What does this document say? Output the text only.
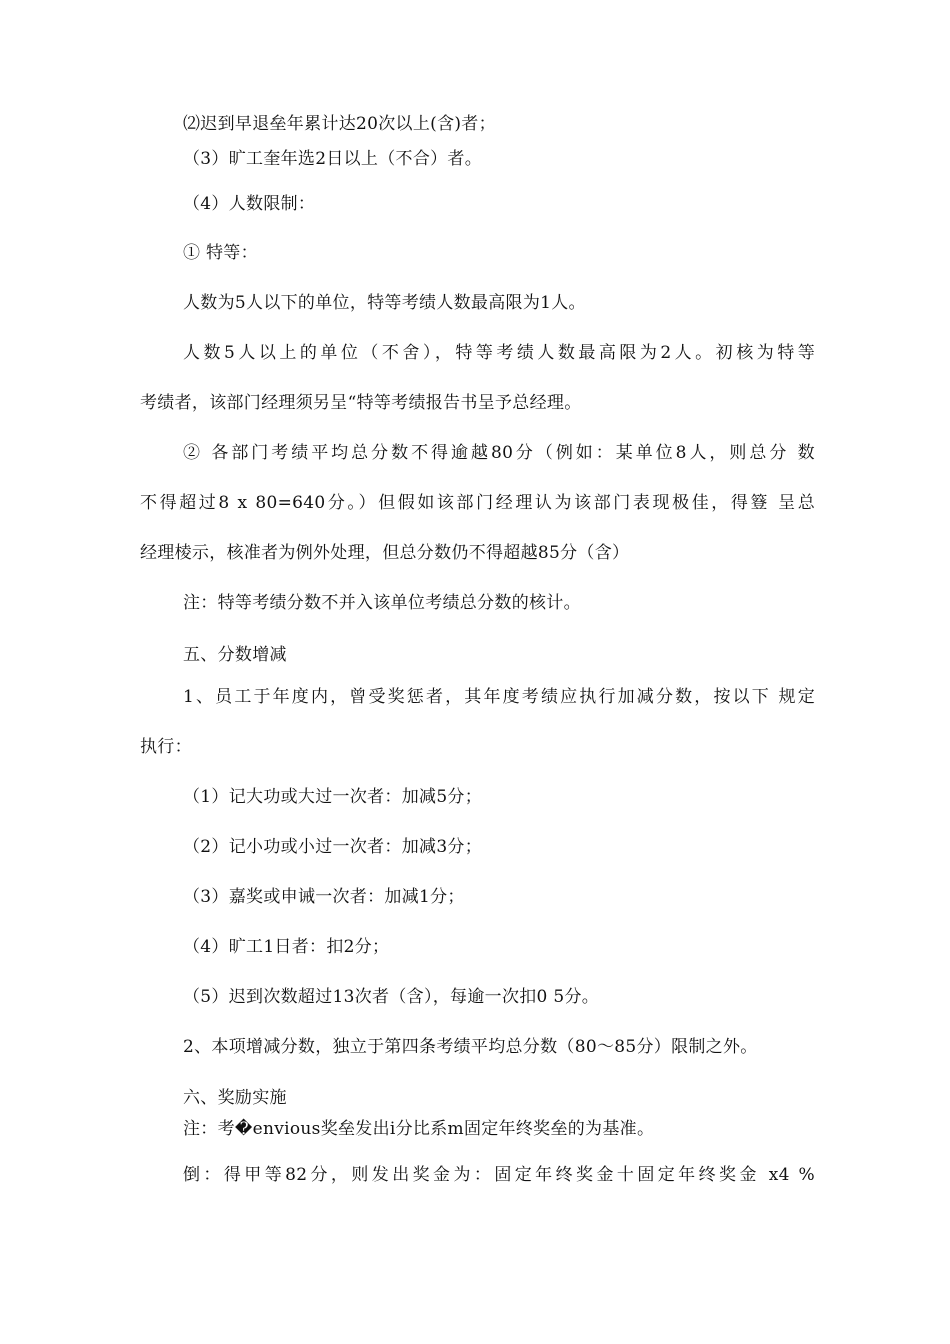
⑵迟到早退垒年累计达20次以上(含)者；
（3）旷工奎年选2日以上（不合）者。
（4）人数限制：
① 特等：
人数为5人以下的单位，特等考绩人数最高限为1人。
人数5人以上的单位（不舍），特等考绩人数最高限为2人。初核为特等
考绩者，该部门经理须另呈“特等考绩报告书呈予总经理。
② 各部门考绩平均总分数不得逾越80分（例如：某单位8人，则总分 数
不得超过8 x 80=640分。）但假如该部门经理认为该部门表现极佳，得簦 呈总
经理棱示，核准者为例外处理，但总分数仍不得超越85分（含）
注：特等考绩分数不并入该单位考绩总分数的核计。
五、分数增减
1、员工于年度内，曾受奖惩者，其年度考绩应执行加减分数，按以下 规定
执行：
（1）记大功或大过一次者：加减5分；
（2）记小功或小过一次者：加减3分；
（3）嘉奖或申诫一次者：加减1分；
（4）旷工1日者：扣2分；
（5）迟到次数超过13次者（含），每逾一次扣0 5分。
2、本项增减分数，独立于第四条考绩平均总分数（80〜85分）限制之外。
六、奖励实施
注：考�envious奖垒发出i分比系m固定年终奖垒的为基准。
倒：得甲等82分，则发出奖金为：固定年终奖金十固定年终奖金 x4 %
